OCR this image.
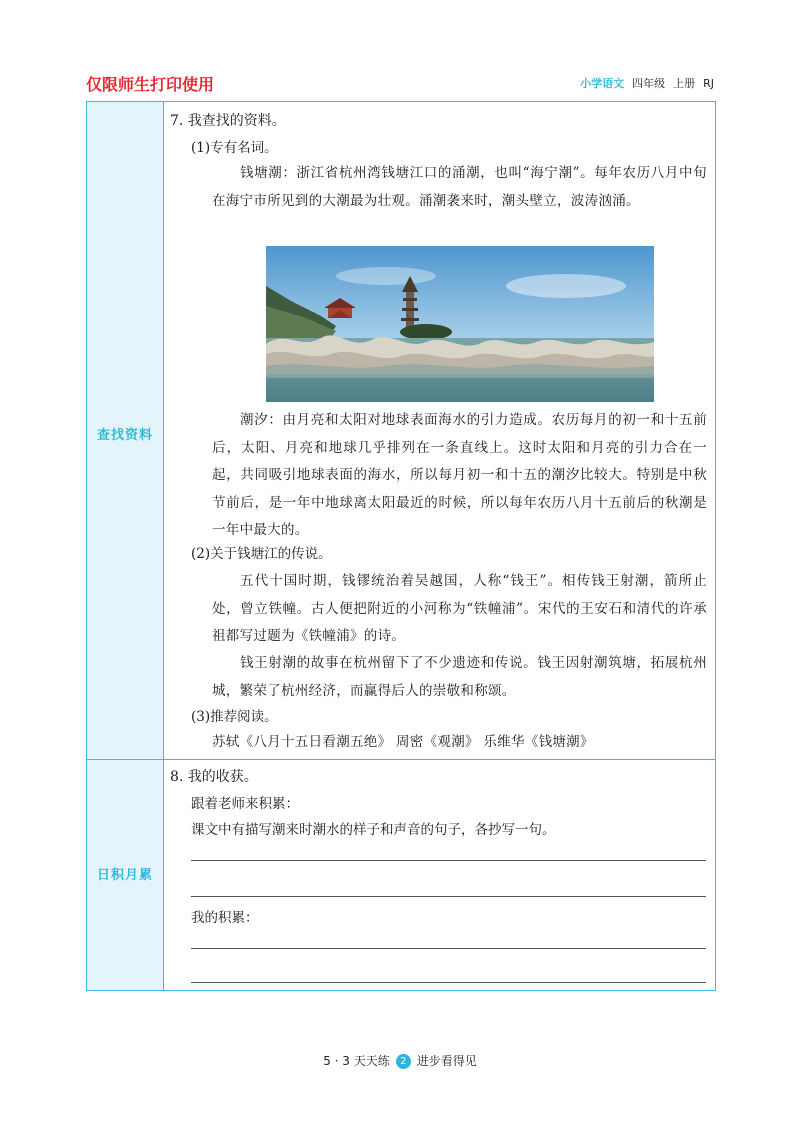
仅限师生打印使用	小学语文 四年级 上册 RJ
查找资料
日积月累
7. 我查找的资料。
(1)专有名词。
钱塘潮：浙江省杭州湾钱塘江口的涌潮，也叫“海宁潮”。每年农历八月中旬在海宁市所见到的大潮最为壮观。涌潮袭来时，潮头壁立，波涛汹涌。
潮汐：由月亮和太阳对地球表面海水的引力造成。农历每月的初一和十五前后，太阳、月亮和地球几乎排列在一条直线上。这时太阳和月亮的引力合在一起，共同吸引地球表面的海水，所以每月初一和十五的潮汐比较大。特别是中秋节前后，是一年中地球离太阳最近的时候，所以每年农历八月十五前后的秋潮是一年中最大的。
(2)关于钱塘江的传说。
五代十国时期，钱镠统治着吴越国，人称“钱王”。相传钱王射潮，箭所止处，曾立铁幢。古人便把附近的小河称为“铁幢浦”。宋代的王安石和清代的许承祖都写过题为《铁幢浦》的诗。
钱王射潮的故事在杭州留下了不少遗迹和传说。钱王因射潮筑塘，拓展杭州城，繁荣了杭州经济，而赢得后人的崇敬和称颂。
(3)推荐阅读。
苏轼《八月十五日看潮五绝》 周密《观潮》 乐维华《钱塘潮》
8. 我的收获。
跟着老师来积累：
课文中有描写潮来时潮水的样子和声音的句子，各抄写一句。
我的积累：
5 · 3 天天练 2 进步看得见
